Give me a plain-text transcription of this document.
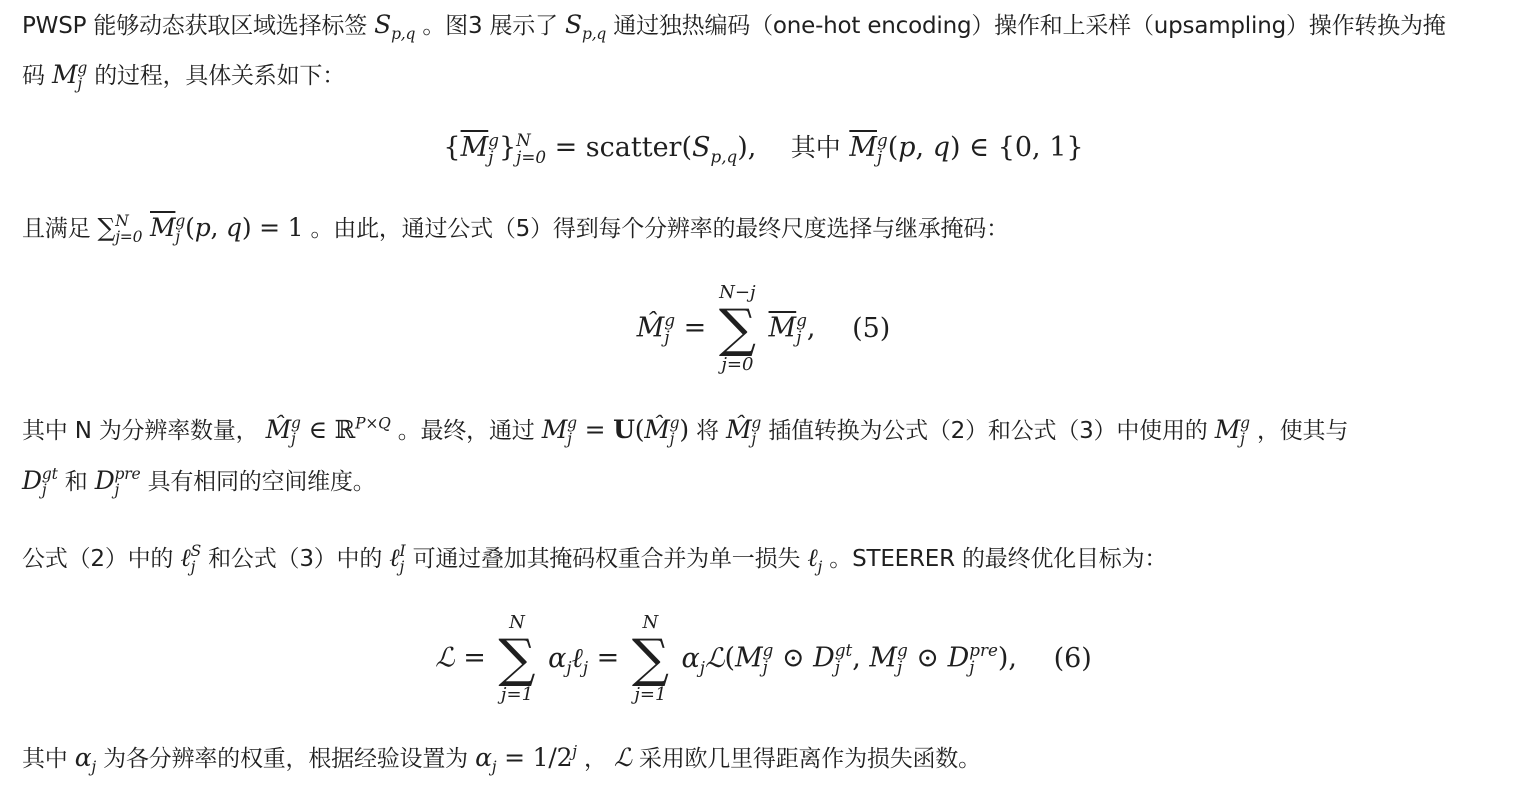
PWSP 能够动态获取区域选择标签 $S_{p,q}$ 。图3 展示了 $S_{p,q}$ 通过独热编码（one-hot encoding）操作和上采样（upsampling）操作转换为掩
码 M g
j 的过程，具体关系如下：
{$\overline{M}$ g
j } N
$j=0 = scatter(S_{p,q})$,    其中 $\overline{M}$ g
j (p, q) ∈ {0, 1}
且满足 ∑ N
j=0 $\overline{M}$ g
j (p, q) = 1 。由此，通过公式（5）得到每个分辨率的最终尺度选择与继承掩码：
M̂ g
j =
N−j
∑
j=0
$\overline{M}$ g
j , (5)
其中 N 为分辨率数量， M̂ g
j ∈ ℝ$^{P\times Q}$ 。最终，通过 M g
j = U(M̂ g
j ) 将 M̂ g
j 插值转换为公式（2）和公式（3）中使用的 M g
j ，使其与
D gt
j 和 D pre
j	具有相同的空间维度。
公式（2）中的 ℓ S
j 和公式（3）中的 ℓ I
j 可通过叠加其掩码权重合并为单一损失 ℓ$_j$ 。STEERER 的最终优化目标为：
ℒ =
N
∑
j=1
$\alpha_j\ell_j$ =
N
∑
j=1
$\alpha_jℒ(M$ g
j ⊙ D gt
j , M g
j ⊙ D pre
j ), (6)
其中 $\alpha_j$ 为各分辨率的权重，根据经验设置为 $\alpha_j = 1/2^j$ ， ℒ 采用欧几里得距离作为损失函数。
